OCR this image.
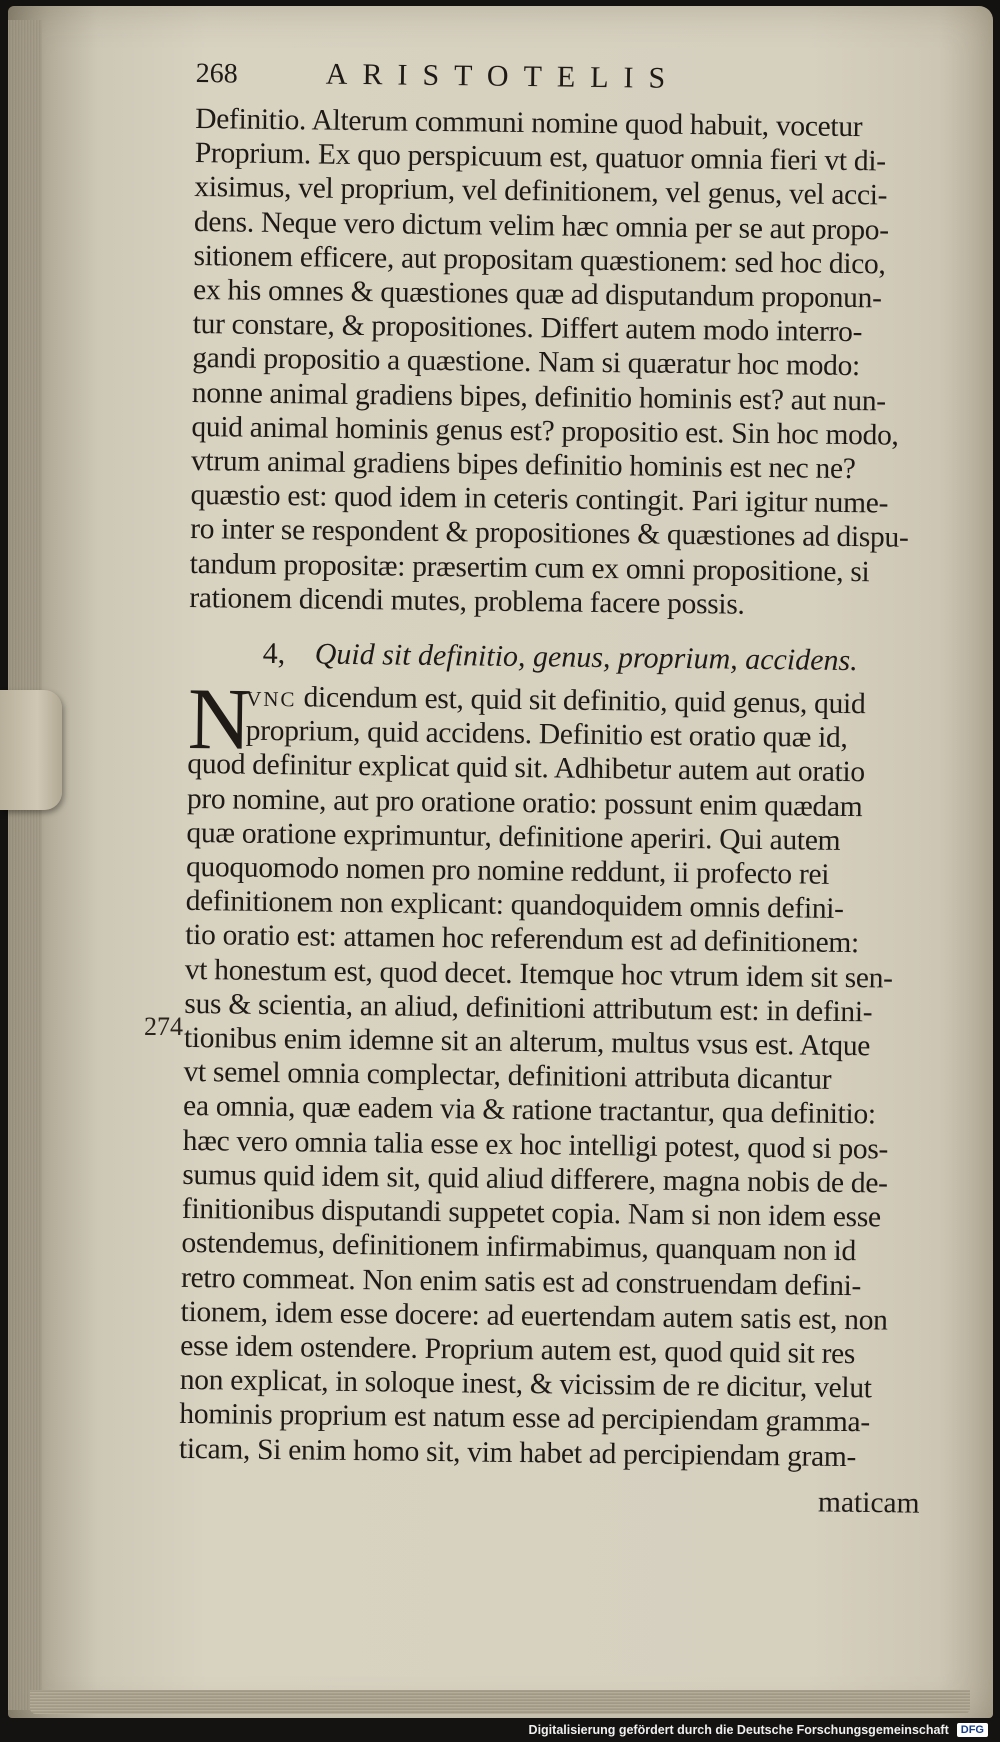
274
268	ARISTOTELIS
Definitio. Alterum communi nomine quod habuit, vocetur
Proprium. Ex quo perspicuum est, quatuor omnia fieri vt di-
xisimus, vel proprium, vel definitionem, vel genus, vel acci-
dens. Neque vero dictum velim hæc omnia per se aut propo-
sitionem efficere, aut propositam quæstionem: sed hoc dico,
ex his omnes & quæstiones quæ ad disputandum proponun-
tur constare, & propositiones. Differt autem modo interro-
gandi propositio a quæstione. Nam si quæratur hoc modo:
nonne animal gradiens bipes, definitio hominis est? aut nun-
quid animal hominis genus est? propositio est. Sin hoc modo,
vtrum animal gradiens bipes definitio hominis est nec ne?
quæstio est: quod idem in ceteris contingit. Pari igitur nume-
ro inter se respondent & propositiones & quæstiones ad dispu-
tandum propositæ: præsertim cum ex omni propositione, si
rationem dicendi mutes, problema facere possis.
4, Quid sit definitio, genus, proprium, accidens.
N
vnc dicendum est, quid sit definitio, quid genus, quid
proprium, quid accidens. Definitio est oratio quæ id,
quod definitur explicat quid sit. Adhibetur autem aut oratio
pro nomine, aut pro oratione oratio: possunt enim quædam
quæ oratione exprimuntur, definitione aperiri. Qui autem
quoquomodo nomen pro nomine reddunt, ii profecto rei
definitionem non explicant: quandoquidem omnis defini-
tio oratio est: attamen hoc referendum est ad definitionem:
vt honestum est, quod decet. Itemque hoc vtrum idem sit sen-
sus & scientia, an aliud, definitioni attributum est: in defini-
tionibus enim idemne sit an alterum, multus vsus est. Atque
vt semel omnia complectar, definitioni attributa dicantur
ea omnia, quæ eadem via & ratione tractantur, qua definitio:
hæc vero omnia talia esse ex hoc intelligi potest, quod si pos-
sumus quid idem sit, quid aliud differere, magna nobis de de-
finitionibus disputandi suppetet copia. Nam si non idem esse
ostendemus, definitionem infirmabimus, quanquam non id
retro commeat. Non enim satis est ad construendam defini-
tionem, idem esse docere: ad euertendam autem satis est, non
esse idem ostendere. Proprium autem est, quod quid sit res
non explicat, in soloque inest, & vicissim de re dicitur, velut
hominis proprium est natum esse ad percipiendam gramma-
ticam, Si enim homo sit, vim habet ad percipiendam gram-
maticam
Digitalisierung gefördert durch die Deutsche Forschungsgemeinschaft	DFG
